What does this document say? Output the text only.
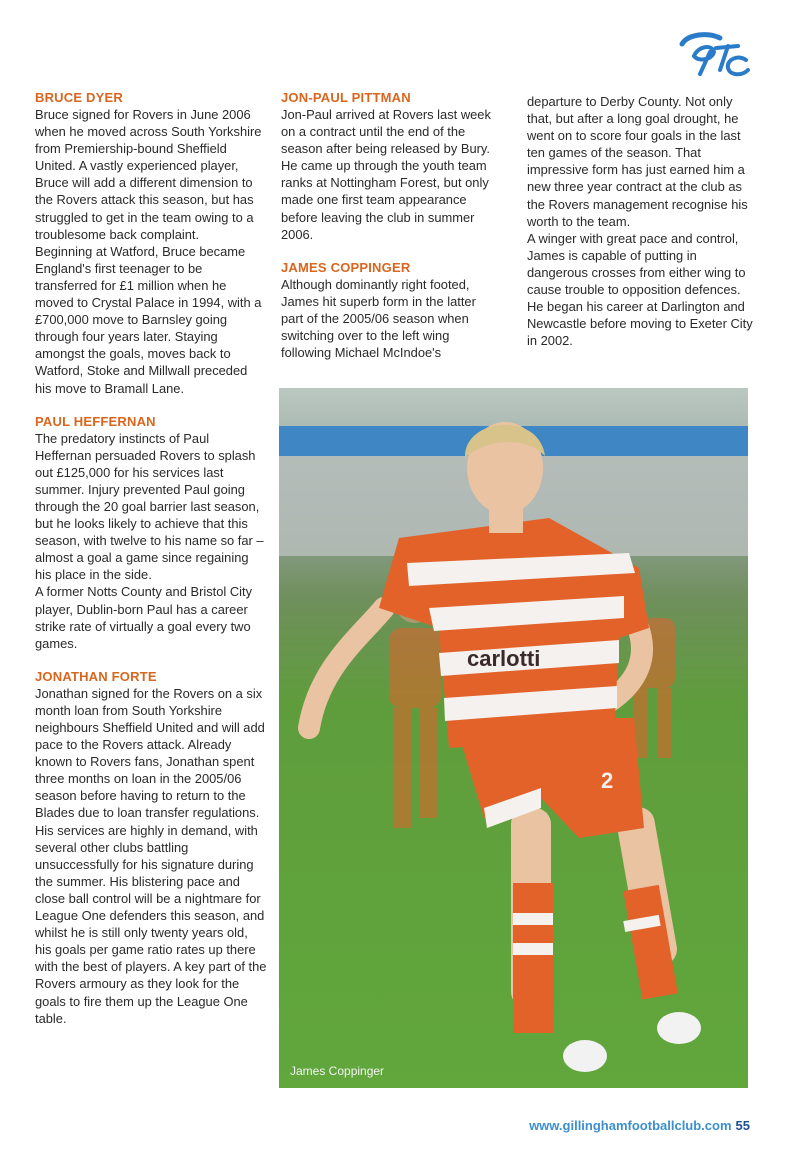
BRUCE DYER

Bruce signed for Rovers in June 2006 when he moved across South Yorkshire from Premiership-bound Sheffield United. A vastly experienced player, Bruce will add a different dimension to the Rovers attack this season, but has struggled to get in the team owing to a troublesome back complaint.

Beginning at Watford, Bruce became England's first teenager to be transferred for £1 million when he moved to Crystal Palace in 1994, with a £700,000 move to Barnsley going through four years later. Staying amongst the goals, moves back to Watford, Stoke and Millwall preceded his move to Bramall Lane.

PAUL HEFFERNAN

The predatory instincts of Paul Heffernan persuaded Rovers to splash out £125,000 for his services last summer. Injury prevented Paul going through the 20 goal barrier last season, but he looks likely to achieve that this season, with twelve to his name so far – almost a goal a game since regaining his place in the side.

A former Notts County and Bristol City player, Dublin-born Paul has a career strike rate of virtually a goal every two games.

JONATHAN FORTE

Jonathan signed for the Rovers on a six month loan from South Yorkshire neighbours Sheffield United and will add pace to the Rovers attack. Already known to Rovers fans, Jonathan spent three months on loan in the 2005/06 season before having to return to the Blades due to loan transfer regulations. His services are highly in demand, with several other clubs battling unsuccessfully for his signature during the summer. His blistering pace and close ball control will be a nightmare for League One defenders this season, and whilst he is still only twenty years old, his goals per game ratio rates up there with the best of players. A key part of the Rovers armoury as they look for the goals to fire them up the League One table.

JON-PAUL PITTMAN

Jon-Paul arrived at Rovers last week on a contract until the end of the season after being released by Bury. He came up through the youth team ranks at Nottingham Forest, but only made one first team appearance before leaving the club in summer 2006.

JAMES COPPINGER

Although dominantly right footed, James hit superb form in the latter part of the 2005/06 season when switching over to the left wing following Michael McIndoe's

departure to Derby County. Not only that, but after a long goal drought, he went on to score four goals in the last ten games of the season. That impressive form has just earned him a new three year contract at the club as the Rovers management recognise his worth to the team.

A winger with great pace and control, James is capable of putting in dangerous crosses from either wing to cause trouble to opposition defences.

He began his career at Darlington and Newcastle before moving to Exeter City in 2002.

carlotti
2
James Coppinger
www.gillinghamfootballclub.com 55
